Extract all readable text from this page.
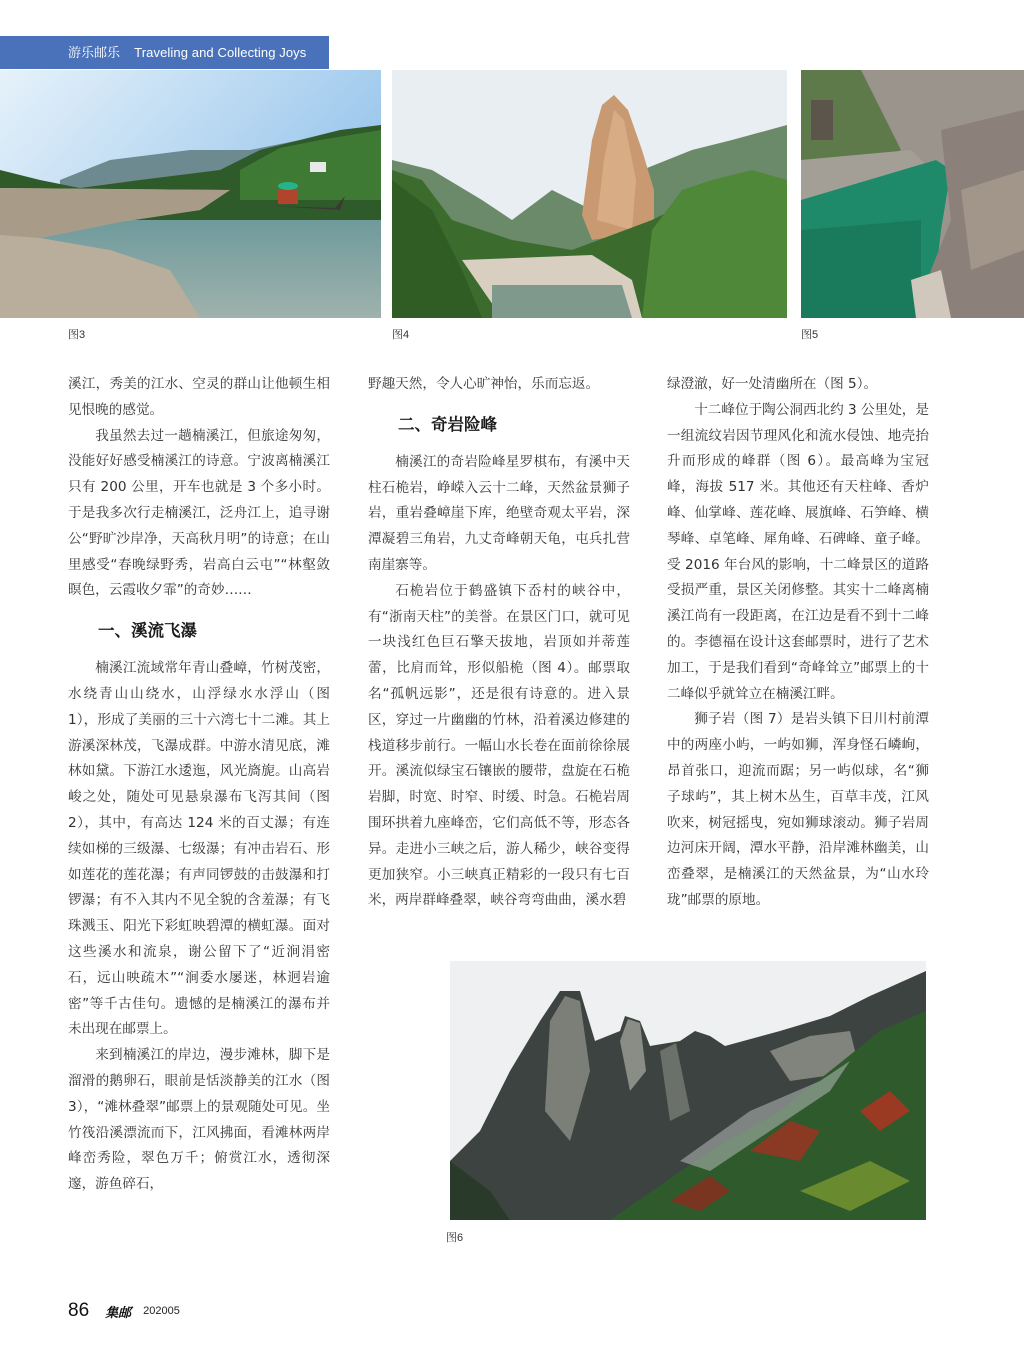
游乐邮乐 Traveling and Collecting Joys
图3	图4	图5

溪江，秀美的江水、空灵的群山让他顿生相见恨晚的感觉。

我虽然去过一趟楠溪江，但旅途匆匆，没能好好感受楠溪江的诗意。宁波离楠溪江只有 200 公里，开车也就是 3 个多小时。于是我多次行走楠溪江，泛舟江上，追寻谢公“野旷沙岸净，天高秋月明”的诗意；在山里感受“春晚绿野秀，岩高白云屯”“林壑敛暝色，云霞收夕霏”的奇妙……

一、溪流飞瀑

楠溪江流域常年青山叠嶂，竹树茂密，水绕青山山绕水，山浮绿水水浮山（图 1），形成了美丽的三十六湾七十二滩。其上游溪深林茂，飞瀑成群。中游水清见底，滩林如黛。下游江水逶迤，风光旖旎。山高岩峻之处，随处可见悬泉瀑布飞泻其间（图 2），其中，有高达 124 米的百丈瀑；有连续如梯的三级瀑、七级瀑；有冲击岩石、形如莲花的莲花瀑；有声同锣鼓的击鼓瀑和打锣瀑；有不入其内不见全貌的含羞瀑；有飞珠溅玉、阳光下彩虹映碧潭的横虹瀑。面对这些溪水和流泉，谢公留下了“近涧涓密石，远山映疏木”“涧委水屡迷，林迥岩逾密”等千古佳句。遗憾的是楠溪江的瀑布并未出现在邮票上。

来到楠溪江的岸边，漫步滩林，脚下是溜滑的鹅卵石，眼前是恬淡静美的江水（图 3），“滩林叠翠”邮票上的景观随处可见。坐竹筏沿溪漂流而下，江风拂面，看滩林两岸峰峦秀险，翠色万千；俯赏江水，透彻深邃，游鱼碎石，

野趣天然，令人心旷神怡，乐而忘返。

二、奇岩险峰

楠溪江的奇岩险峰星罗棋布，有溪中天柱石桅岩，峥嵘入云十二峰，天然盆景狮子岩，重岩叠嶂崖下库，绝壁奇观太平岩，深潭凝碧三角岩，九丈奇峰朝天龟，屯兵扎营南崖寨等。

石桅岩位于鹤盛镇下岙村的峡谷中，有“浙南天柱”的美誉。在景区门口，就可见一块浅红色巨石擎天拔地，岩顶如并蒂莲蕾，比肩而耸，形似船桅（图 4）。邮票取名“孤帆远影”，还是很有诗意的。进入景区，穿过一片幽幽的竹林，沿着溪边修建的栈道移步前行。一幅山水长卷在面前徐徐展开。溪流似绿宝石镶嵌的腰带，盘旋在石桅岩脚，时宽、时窄、时缓、时急。石桅岩周围环拱着九座峰峦，它们高低不等，形态各异。走进小三峡之后，游人稀少，峡谷变得更加狭窄。小三峡真正精彩的一段只有七百米，两岸群峰叠翠，峡谷弯弯曲曲，溪水碧

绿澄澈，好一处清幽所在（图 5）。

十二峰位于陶公洞西北约 3 公里处，是一组流纹岩因节理风化和流水侵蚀、地壳抬升而形成的峰群（图 6）。最高峰为宝冠峰，海拔 517 米。其他还有天柱峰、香炉峰、仙掌峰、莲花峰、展旗峰、石笋峰、横琴峰、卓笔峰、犀角峰、石碑峰、童子峰。受 2016 年台风的影响，十二峰景区的道路受损严重，景区关闭修整。其实十二峰离楠溪江尚有一段距离，在江边是看不到十二峰的。李德福在设计这套邮票时，进行了艺术加工，于是我们看到“奇峰耸立”邮票上的十二峰似乎就耸立在楠溪江畔。

狮子岩（图 7）是岩头镇下日川村前潭中的两座小屿，一屿如狮，浑身怪石嶙峋，昂首张口，迎流而踞；另一屿似球，名“狮子球屿”，其上树木丛生，百草丰茂，江风吹来，树冠摇曳，宛如狮球滚动。狮子岩周边河床开阔，潭水平静，沿岸滩林幽美，山峦叠翠，是楠溪江的天然盆景，为“山水玲珑”邮票的原地。

图6
86 集邮 202005
